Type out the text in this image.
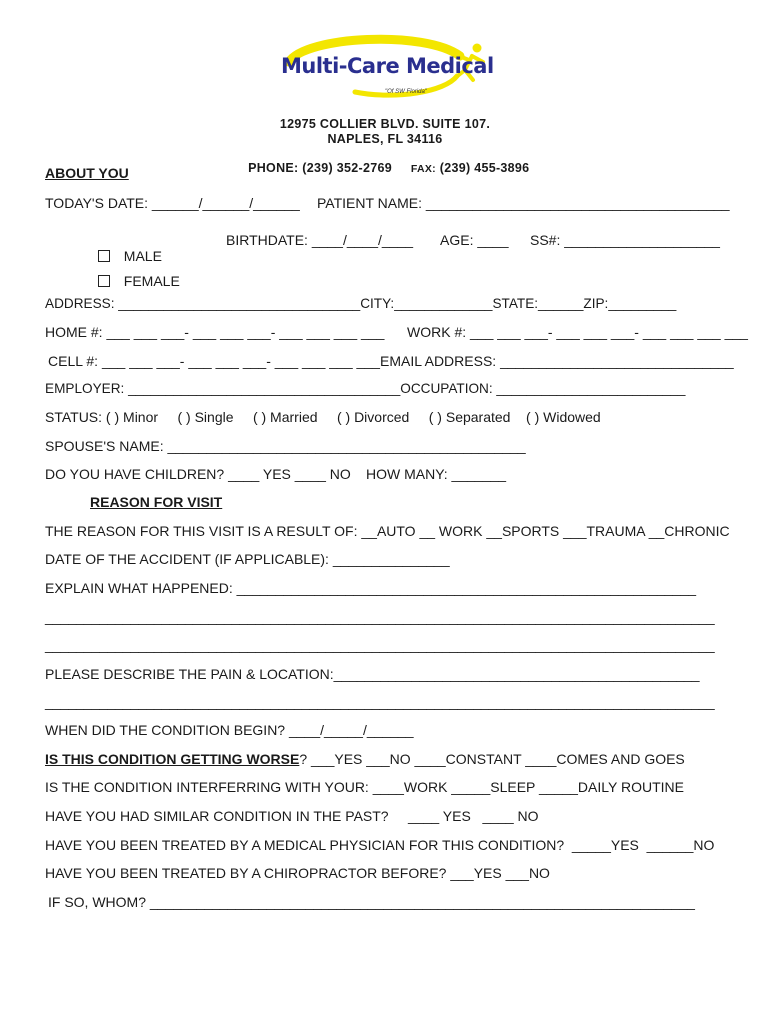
Multi-Care Medical

"Of SW Florida"

12975 COLLIER BLVD. SUITE 107.
NAPLES, FL 34116

PHONE: (239) 352-2769 FAX: (239) 455-3896

ABOUT YOU
TODAY'S DATE: ______/______/______ PATIENT NAME: _______________________________________

MALE

BIRTHDATE: ____/____/____ AGE: ____ SS#: ____________________

FEMALE

ADDRESS: ________________________________CITY:_____________STATE:______ZIP:_________
HOME #: ___ ___ ___- ___ ___ ___- ___ ___ ___ ___ WORK #: ___ ___ ___- ___ ___ ___- ___ ___ ___ ___
CELL #: ___ ___ ___- ___ ___ ___- ___ ___ ___ ___ EMAIL ADDRESS: ______________________________
EMPLOYER: ____________________________________OCCUPATION: _________________________
STATUS: ( ) Minor     ( ) Single     ( ) Married     ( ) Divorced     ( ) Separated    ( ) Widowed
SPOUSE'S NAME: ______________________________________________
DO YOU HAVE CHILDREN? ____ YES ____ NO HOW MANY: _______
REASON FOR VISIT
THE REASON FOR THIS VISIT IS A RESULT OF: __AUTO __ WORK __SPORTS ___TRAUMA __CHRONIC
DATE OF THE ACCIDENT (IF APPLICABLE): _______________
EXPLAIN WHAT HAPPENED: ___________________________________________________________
______________________________________________________________________________________
______________________________________________________________________________________
PLEASE DESCRIBE THE PAIN & LOCATION:_______________________________________________
______________________________________________________________________________________
WHEN DID THE CONDITION BEGIN? ____/_____/______
IS THIS CONDITION GETTING WORSE? ___YES ___NO ____CONSTANT ____COMES AND GOES
IS THE CONDITION INTERFERRING WITH YOUR: ____WORK _____SLEEP _____DAILY ROUTINE
HAVE YOU HAD SIMILAR CONDITION IN THE PAST?     ____ YES   ____ NO
HAVE YOU BEEN TREATED BY A MEDICAL PHYSICIAN FOR THIS CONDITION?  _____YES  ______NO
HAVE YOU BEEN TREATED BY A CHIROPRACTOR BEFORE? ___YES ___NO
IF SO, WHOM? ______________________________________________________________________
